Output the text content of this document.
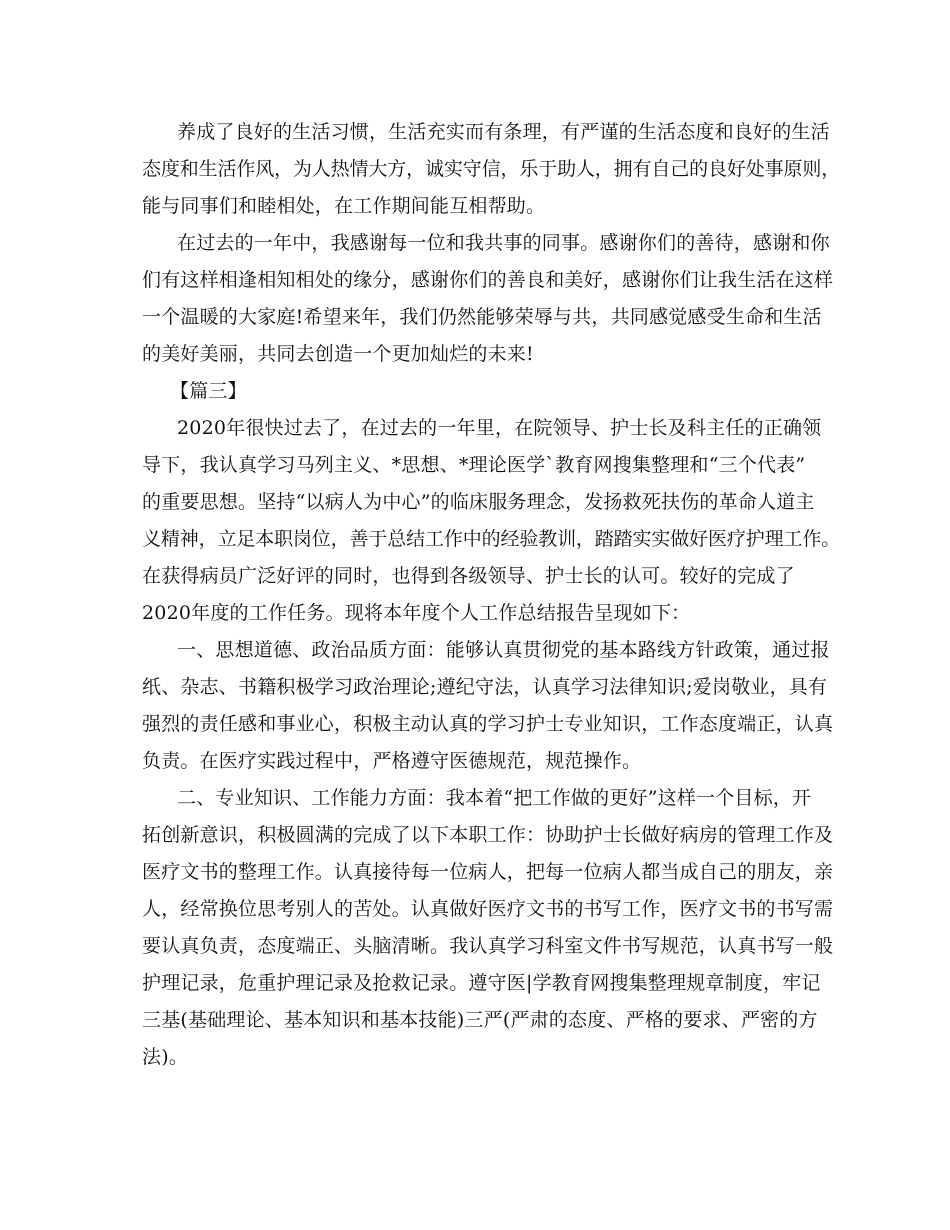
养成了良好的生活习惯，生活充实而有条理，有严谨的生活态度和良好的生活
态度和生活作风，为人热情大方，诚实守信，乐于助人，拥有自己的良好处事原则，
能与同事们和睦相处，在工作期间能互相帮助。
在过去的一年中，我感谢每一位和我共事的同事。感谢你们的善待，感谢和你
们有这样相逢相知相处的缘分，感谢你们的善良和美好，感谢你们让我生活在这样
一个温暖的大家庭!希望来年，我们仍然能够荣辱与共，共同感觉感受生命和生活
的美好美丽，共同去创造一个更加灿烂的未来!
【篇三】
2020年很快过去了，在过去的一年里，在院领导、护士长及科主任的正确领
导下，我认真学习马列主义、*思想、*理论医学`教育网搜集整理和“三个代表”
的重要思想。坚持“以病人为中心”的临床服务理念，发扬救死扶伤的革命人道主
义精神，立足本职岗位，善于总结工作中的经验教训，踏踏实实做好医疗护理工作。
在获得病员广泛好评的同时，也得到各级领导、护士长的认可。较好的完成了
2020年度的工作任务。现将本年度个人工作总结报告呈现如下：
一、思想道德、政治品质方面：能够认真贯彻党的基本路线方针政策，通过报
纸、杂志、书籍积极学习政治理论;遵纪守法，认真学习法律知识;爱岗敬业，具有
强烈的责任感和事业心，积极主动认真的学习护士专业知识，工作态度端正，认真
负责。在医疗实践过程中，严格遵守医德规范，规范操作。
二、专业知识、工作能力方面：我本着“把工作做的更好”这样一个目标，开
拓创新意识，积极圆满的完成了以下本职工作：协助护士长做好病房的管理工作及
医疗文书的整理工作。认真接待每一位病人，把每一位病人都当成自己的朋友，亲
人，经常换位思考别人的苦处。认真做好医疗文书的书写工作，医疗文书的书写需
要认真负责，态度端正、头脑清晰。我认真学习科室文件书写规范，认真书写一般
护理记录，危重护理记录及抢救记录。遵守医|学教育网搜集整理规章制度，牢记
三基(基础理论、基本知识和基本技能)三严(严肃的态度、严格的要求、严密的方
法)。
